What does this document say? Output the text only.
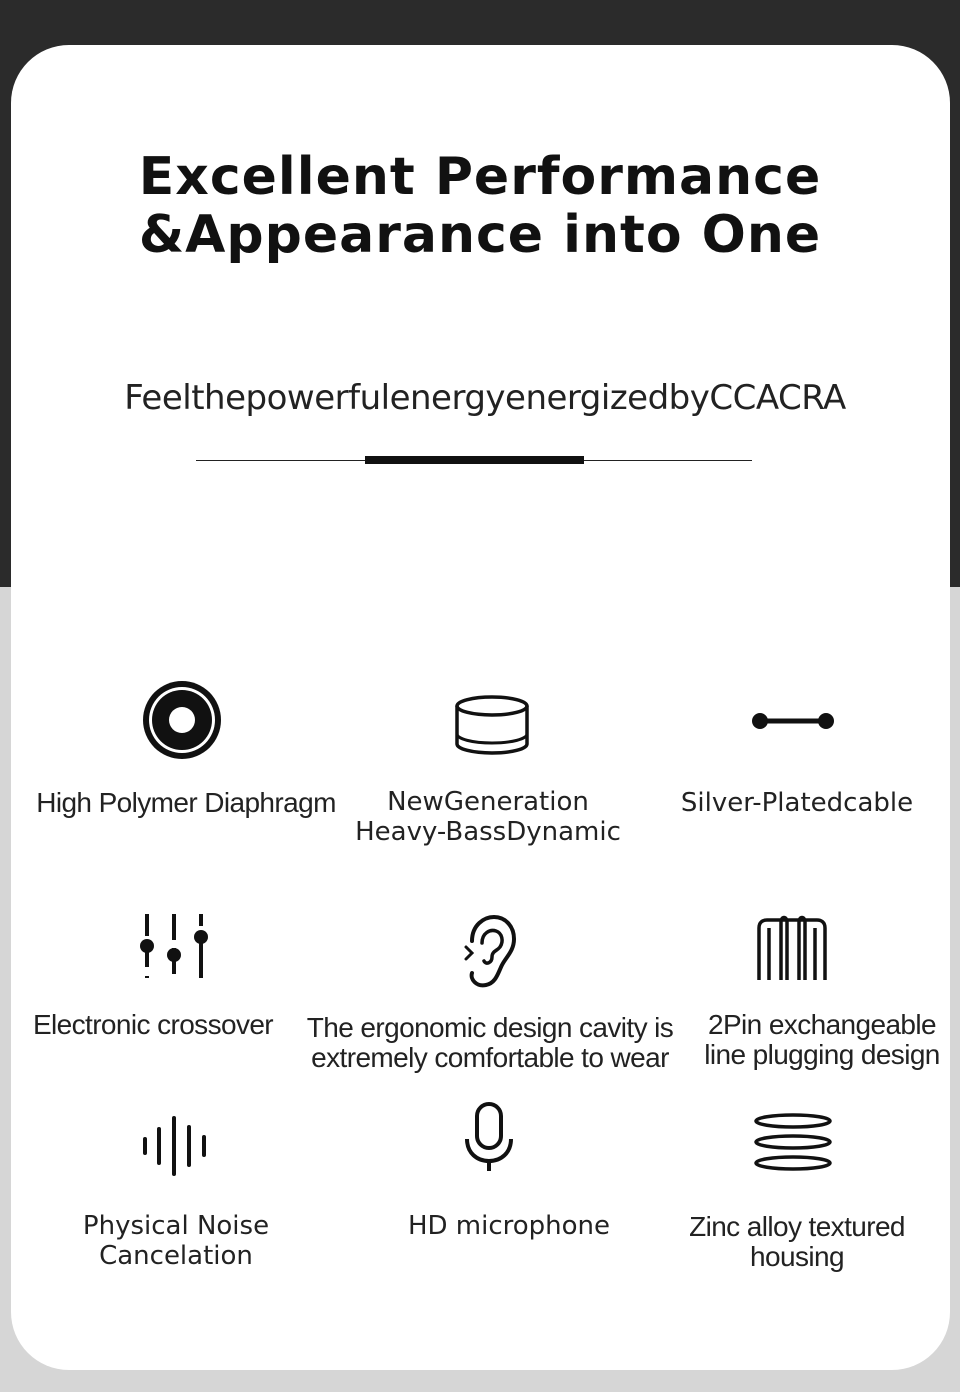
Excellent Performance
&Appearance into One

FeelthepowerfulenergyenergizedbyCCACRA

High Polymer Diaphragm	NewGeneration
Heavy-BassDynamic
Silver-Platedcable
Electronic crossover	The ergonomic design cavity is
extremely comfortable to wear
2Pin exchangeable
line plugging design
Physical Noise
Cancelation
HD microphone	Zinc alloy textured
housing
